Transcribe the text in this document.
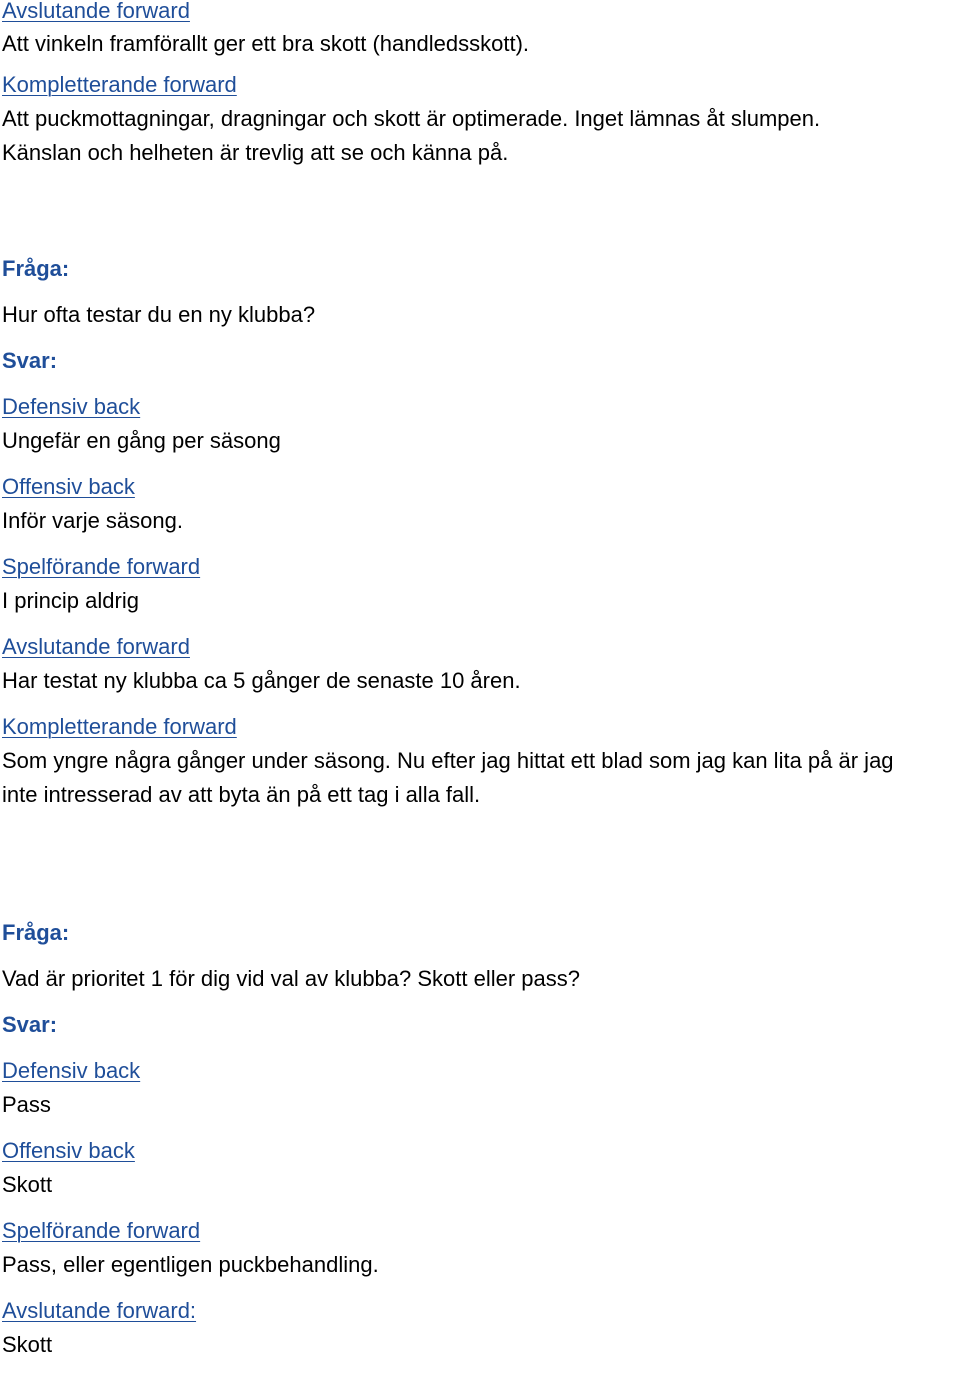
Avslutande forward
Att vinkeln framförallt ger ett bra skott (handledsskott).
Kompletterande forward
Att puckmottagningar, dragningar och skott är optimerade. Inget lämnas åt slumpen.
Känslan och helheten är trevlig att se och känna på.
Fråga:
Hur ofta testar du en ny klubba?
Svar:
Defensiv back
Ungefär en gång per säsong
Offensiv back
Inför varje säsong.
Spelförande forward
I princip aldrig
Avslutande forward
Har testat ny klubba ca 5 gånger de senaste 10 åren.
Kompletterande forward
Som yngre några gånger under säsong. Nu efter jag hittat ett blad som jag kan lita på är jag
inte intresserad av att byta än på ett tag i alla fall.
Fråga:
Vad är prioritet 1 för dig vid val av klubba? Skott eller pass?
Svar:
Defensiv back
Pass
Offensiv back
Skott
Spelförande forward
Pass, eller egentligen puckbehandling.
Avslutande forward:
Skott
